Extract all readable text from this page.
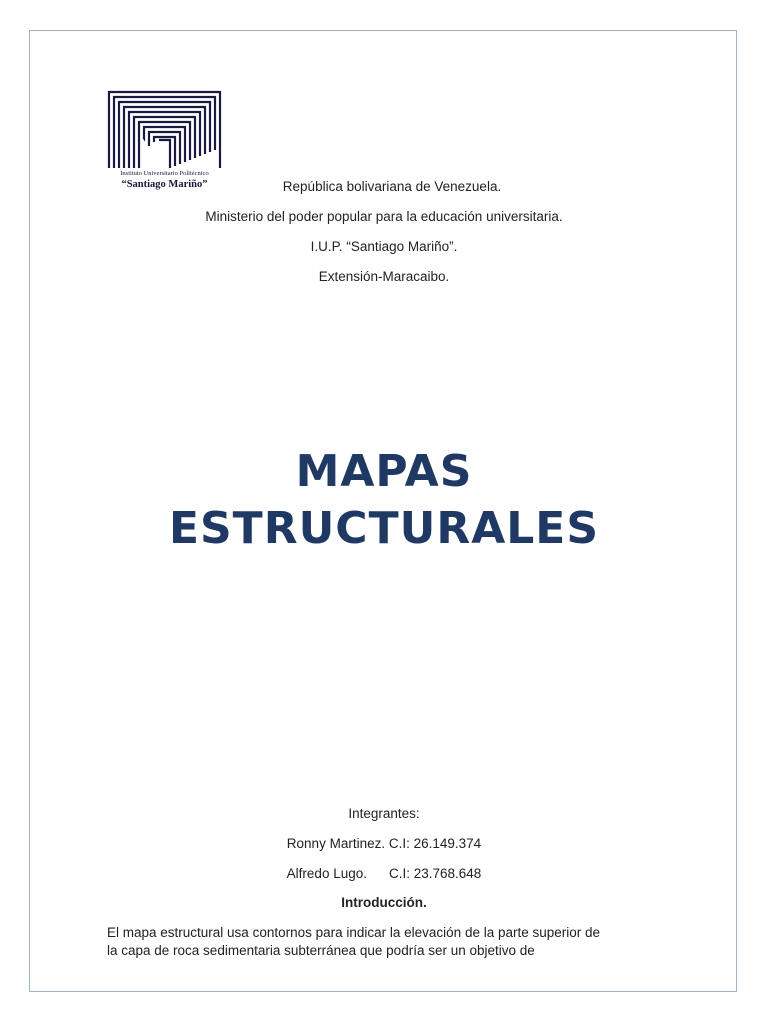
Instituto Universitario Politécnico
“Santiago Mariño”	República bolivariana de Venezuela.
Ministerio del poder popular para la educación universitaria.
I.U.P. “Santiago Mariño”.
Extensión-Maracaibo.
MAPAS
ESTRUCTURALES
Integrantes:
Ronny Martinez. C.I: 26.149.374
Alfredo Lugo. C.I: 23.768.648
Introducción.
El mapa estructural usa contornos para indicar la elevación de la parte superior de
la capa de roca sedimentaria subterránea que podría ser un objetivo de
